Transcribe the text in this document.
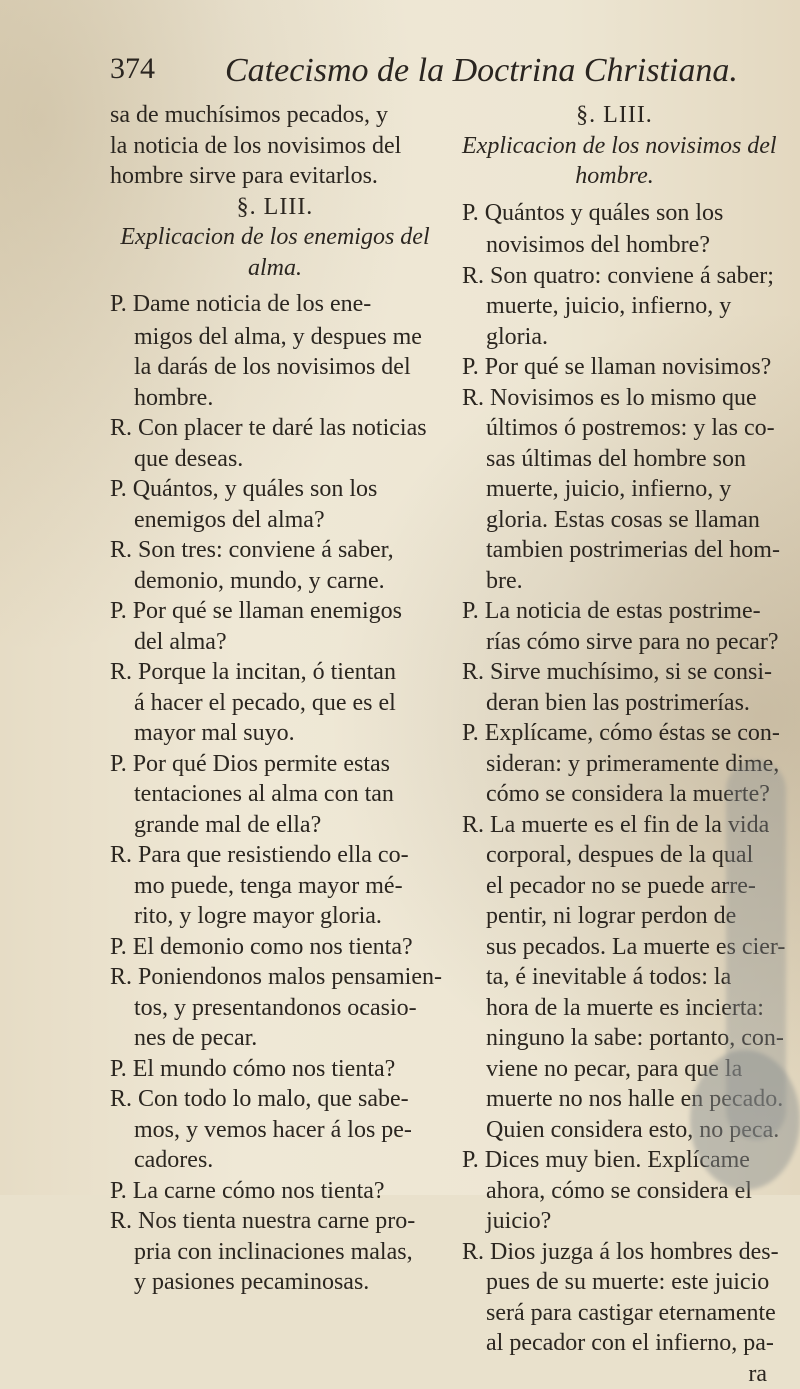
374 Catecismo de la Doctrina Christiana.
sa de muchísimos pecados, y
la noticia de los novisimos del
hombre sirve para evitarlos.
§. LIII.
Explicacion de los enemigos del
alma.
P. Dame noticia de los ene-
migos del alma, y despues me
la darás de los novisimos del
hombre.
R. Con placer te daré las noticias
que deseas.
P. Quántos, y quáles son los
enemigos del alma?
R. Son tres: conviene á saber,
demonio, mundo, y carne.
P. Por qué se llaman enemigos
del alma?
R. Porque la incitan, ó tientan
á hacer el pecado, que es el
mayor mal suyo.
P. Por qué Dios permite estas
tentaciones al alma con tan
grande mal de ella?
R. Para que resistiendo ella co-
mo puede, tenga mayor mé-
rito, y logre mayor gloria.
P. El demonio como nos tienta?
R. Poniendonos malos pensamien-
tos, y presentandonos ocasio-
nes de pecar.
P. El mundo cómo nos tienta?
R. Con todo lo malo, que sabe-
mos, y vemos hacer á los pe-
cadores.
P. La carne cómo nos tienta?
R. Nos tienta nuestra carne pro-
pria con inclinaciones malas,
y pasiones pecaminosas.
§. LIII.
Explicacion de los novisimos del
hombre.
P. Quántos y quáles son los
novisimos del hombre?
R. Son quatro: conviene á saber;
muerte, juicio, infierno, y
gloria.
P. Por qué se llaman novisimos?
R. Novisimos es lo mismo que
últimos ó postremos: y las co-
sas últimas del hombre son
muerte, juicio, infierno, y
gloria. Estas cosas se llaman
tambien postrimerias del hom-
bre.
P. La noticia de estas postrime-
rías cómo sirve para no pecar?
R. Sirve muchísimo, si se consi-
deran bien las postrimerías.
P. Explícame, cómo éstas se con-
sideran: y primeramente dime,
cómo se considera la muerte?
R. La muerte es el fin de la vida
corporal, despues de la qual
el pecador no se puede arre-
pentir, ni lograr perdon de
sus pecados. La muerte es cier-
ta, é inevitable á todos: la
hora de la muerte es incierta:
ninguno la sabe: portanto, con-
viene no pecar, para que la
muerte no nos halle en pecado.
Quien considera esto, no peca.
P. Dices muy bien. Explícame
ahora, cómo se considera el
juicio?
R. Dios juzga á los hombres des-
pues de su muerte: este juicio
será para castigar eternamente
al pecador con el infierno, pa-
ra
